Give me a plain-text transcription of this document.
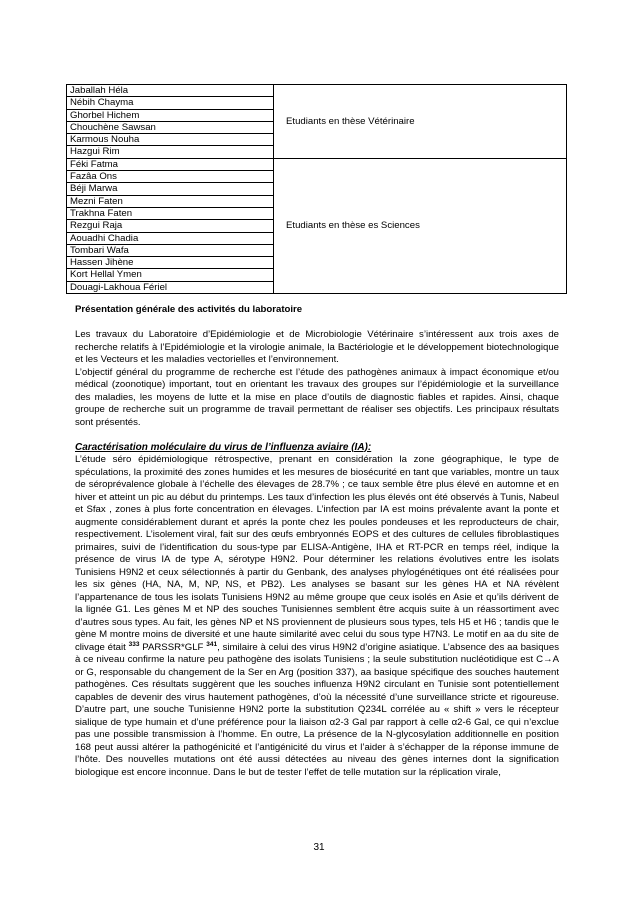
Jaballah Héla	Etudiants en thèse Vétérinaire
Nébih Chayma	
Ghorbel Hichem	
Chouchène Sawsan	
Karmous Nouha	
Hazgui Rim	
Féki Fatma	Etudiants en thèse es Sciences
Fazâa Ons	
Béji Marwa	
Mezni Faten	
Trakhna Faten	
Rezgui Raja	
Aouadhi Chadia	
Tombari Wafa	
Hassen Jihène	
Kort Hellal Ymen	
Douagi-Lakhoua Fériel	

Présentation générale des activités du laboratoire

Les travaux du Laboratoire d’Epidémiologie et de Microbiologie Vétérinaire s’intéressent aux trois axes de recherche relatifs à l’Epidémiologie et la virologie animale, la Bactériologie et le développement biotechnologique et les Vecteurs et les maladies vectorielles et l’environnement.

L’objectif général du programme de recherche est l’étude des pathogènes animaux à impact économique et/ou médical (zoonotique) important, tout en orientant les travaux des groupes sur l’épidémiologie et la surveillance des maladies, les moyens de lutte et la mise en place d’outils de diagnostic fiables et rapides. Ainsi, chaque groupe de recherche suit un programme de travail permettant de réaliser ses objectifs. Les principaux résultats sont présentés.

Caractérisation moléculaire du virus de l’influenza aviaire (IA):

L’étude séro épidémiologique rétrospective, prenant en considération la zone géographique, le type de spéculations, la proximité des zones humides et les mesures de biosécurité en tant que variables, montre un taux de séroprévalence globale à l’échelle des élevages de 28.7% ; ce taux semble être plus élevé en automne et en hiver et atteint un pic au début du printemps. Les taux d’infection les plus élevés ont été observés à Tunis, Nabeul et Sfax , zones à plus forte concentration en élevages. L’infection par IA est moins prévalente avant la ponte et augmente considérablement durant et aprés la ponte chez les poules pondeuses et les reproducteurs de chair, respectivement. L’isolement viral, fait sur des œufs embryonnés EOPS et des cultures de cellules fibroblastiques primaires, suivi de l’identification du sous-type par ELISA-Antigène, IHA et RT-PCR en temps réel, indique la présence de virus IA de type A, sérotype H9N2. Pour déterminer les relations évolutives entre les isolats Tunisiens H9N2 et ceux sélectionnés à partir du Genbank, des analyses phylogénétiques ont été réalisées pour les six gènes (HA, NA, M, NP, NS, et PB2). Les analyses se basant sur les gènes HA et NA révèlent l’appartenance de tous les isolats Tunisiens H9N2 au même groupe que ceux isolés en Asie et qu’ils dérivent de la lignée G1. Les gènes M et NP des souches Tunisiennes semblent être acquis suite à un réassortiment avec d’autres sous types. Au fait, les gènes NP et NS proviennent de plusieurs sous types, tels H5 et H6 ; tandis que le gène M montre moins de diversité et une haute similarité avec celui du sous type H7N3. Le motif en aa du site de clivage était $^{333}$ PARSSR*GLF $^{341}$, similaire à celui des virus H9N2 d’origine asiatique. L’absence des aa basiques à ce niveau confirme la nature peu pathogène des isolats Tunisiens ; la seule substitution nucléotidique est C→A or G, responsable du changement de la Ser en Arg (position 337), aa basique spécifique des souches hautement pathogènes. Ces résultats suggèrent que les souches influenza H9N2 circulant en Tunisie sont potentiellement capables de devenir des virus hautement pathogènes, d’où la nécessité d’une surveillance stricte et rigoureuse. D’autre part, une souche Tunisienne H9N2 porte la substitution Q234L corrélée au « shift » vers le récepteur sialique de type humain et d’une préférence pour la liaison α2-3 Gal par rapport à celle α2-6 Gal, ce qui n’exclue pas une possible transmission à l’homme. En outre, La présence de la N-glycosylation additionnelle en position 168 peut aussi altérer la pathogénicité et l’antigénicité du virus et l’aider à s’échapper de la réponse immune de l’hôte. Des nouvelles mutations ont été aussi détectées au niveau des gènes internes dont la signification biologique est encore inconnue. Dans le but de tester l’effet de telle mutation sur la réplication virale,

31
